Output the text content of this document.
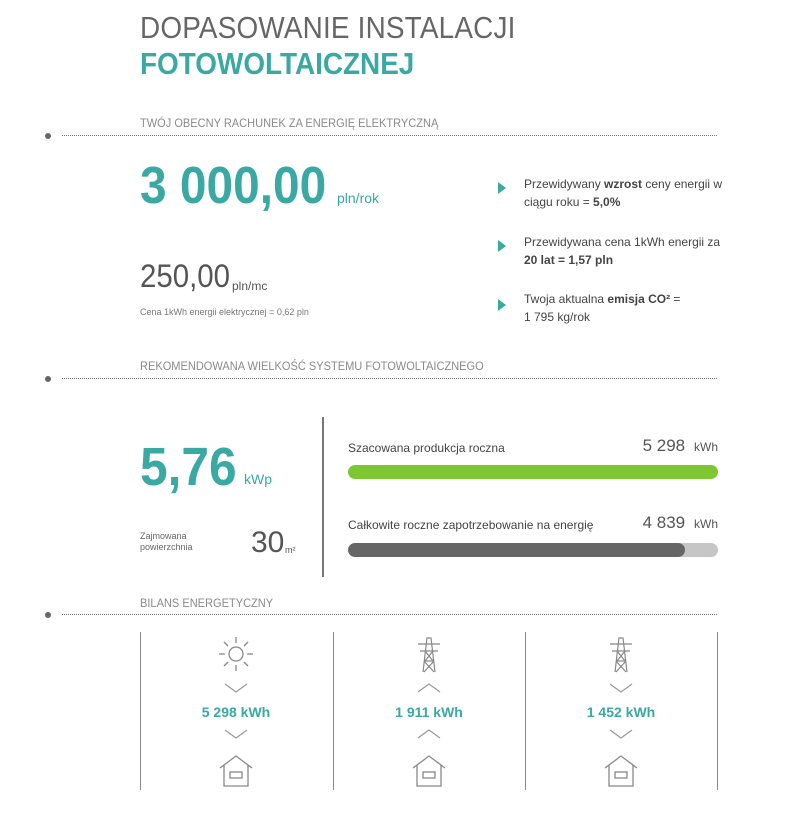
DOPASOWANIE INSTALACJI
FOTOWOLTAICZNEJ
TWÓJ OBECNY RACHUNEK ZA ENERGIĘ ELEKTRYCZNĄ
3 000,00 pln/rok
250,00 pln/mc
Cena 1kWh energii elektrycznej = 0,62 pln
Przewidywany wzrost ceny energii w ciągu roku = 5,0%
Przewidywana cena 1kWh energii za 20 lat = 1,57 pln
Twoja aktualna emisja CO² = 1 795 kg/rok
REKOMENDOWANA WIELKOŚĆ SYSTEMU FOTOWOLTAICZNEGO
5,76 kWp
Zajmowana powierzchnia	30 m²
Szacowana produkcja roczna	5 298 kWh
Całkowite roczne zapotrzebowanie na energię	4 839 kWh
BILANS ENERGETYCZNY
5 298 kWh	1 911 kWh	1 452 kWh
